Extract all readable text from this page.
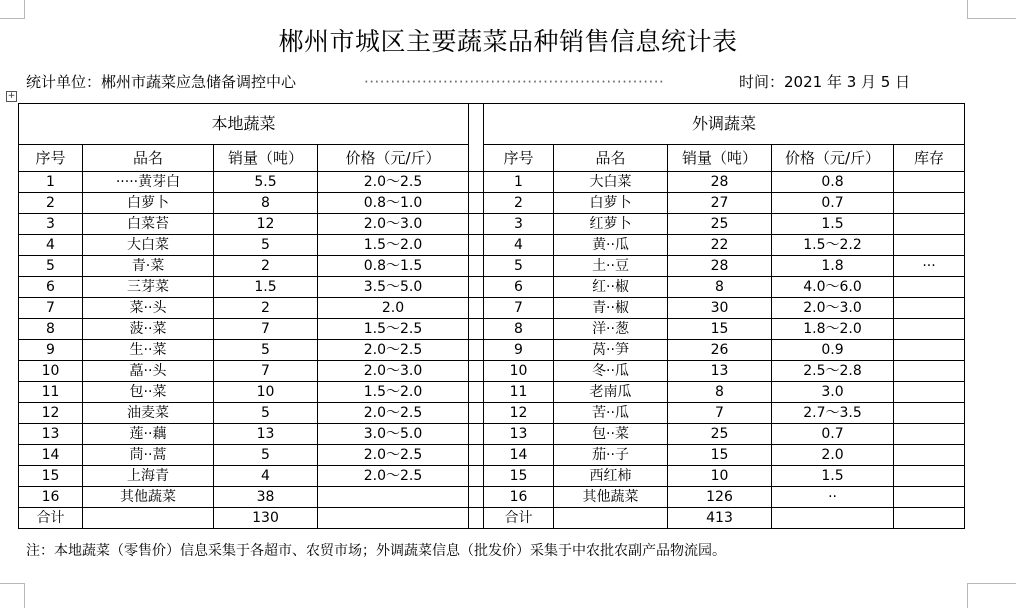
郴州市城区主要蔬菜品种销售信息统计表
统计单位：郴州市蔬菜应急储备调控中心	·························································	时间：2021 年 3 月 5 日
+
本地蔬菜					外调蔬菜				
序号	品名	销量（吨）	价格（元/斤）		序号	品名	销量（吨）	价格（元/斤）	库存
1	·····黄芽白	5.5	2.0～2.5		1	大白菜	28	0.8	
2	白萝卜	8	0.8～1.0		2	白萝卜	27	0.7	
3	白菜苔	12	2.0～3.0		3	红萝卜	25	1.5	
4	大白菜	5	1.5～2.0		4	黄··瓜	22	1.5～2.2	
5	青·菜	2	0.8～1.5		5	土··豆	28	1.8	···
6	三芽菜	1.5	3.5～5.0		6	红··椒	8	4.0～6.0	
7	菜··头	2	2.0		7	青··椒	30	2.0～3.0	
8	菠··菜	7	1.5～2.5		8	洋··葱	15	1.8～2.0	
9	生··菜	5	2.0～2.5		9	莴··笋	26	0.9	
10	藠··头	7	2.0～3.0		10	冬··瓜	13	2.5～2.8	
11	包··菜	10	1.5～2.0		11	老南瓜	8	3.0	
12	油麦菜	5	2.0～2.5		12	苦··瓜	7	2.7～3.5	
13	莲··藕	13	3.0～5.0		13	包··菜	25	0.7	
14	茼··蒿	5	2.0～2.5		14	茄··子	15	2.0	
15	上海青	4	2.0～2.5		15	西红柿	10	1.5	
16	其他蔬菜	38			16	其他蔬菜	126	··	
合计		130			合计		413		
注：本地蔬菜（零售价）信息采集于各超市、农贸市场；外调蔬菜信息（批发价）采集于中农批农副产品物流园。
